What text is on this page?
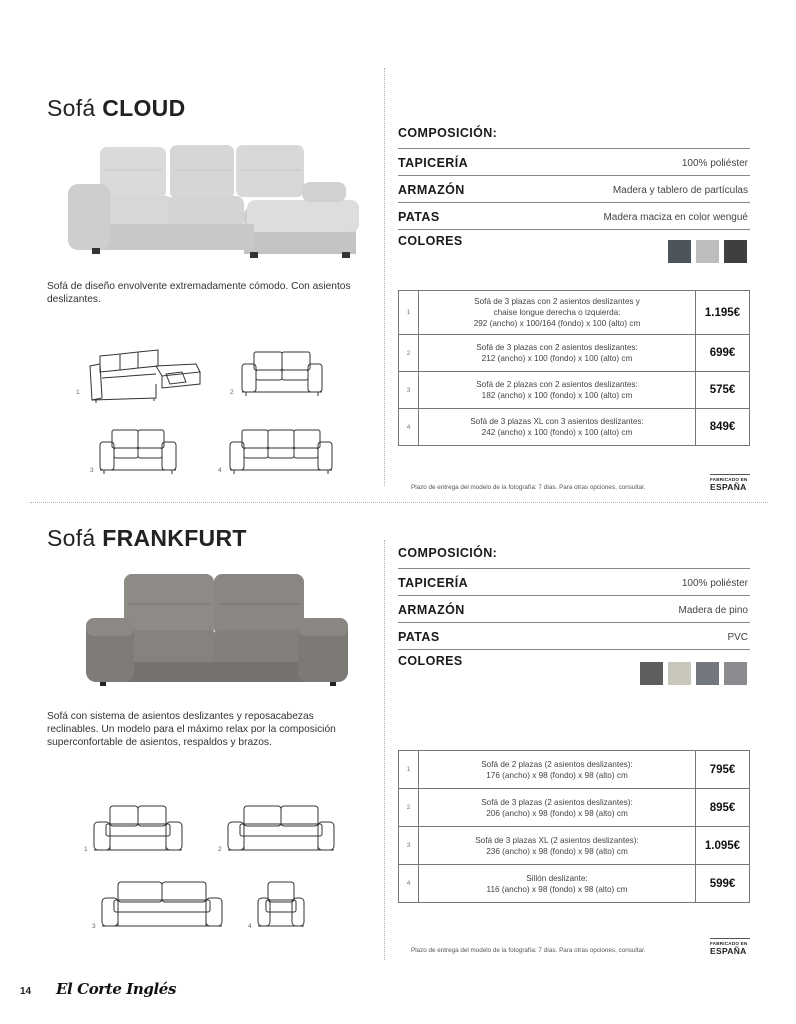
Sofá CLOUD
Sofá de diseño envolvente extremadamente cómodo. Con asientos deslizantes.
1	2
3	4
COMPOSICIÓN:
TAPICERÍA	100% poliéster
ARMAZÓN	Madera y tablero de partículas
PATAS	Madera maciza en color wengué
COLORES
1	Sofá de 3 plazas con 2 asientos deslizantes y
chaise longue derecha o izquierda:
292 (ancho) x 100/164 (fondo) x 100 (alto) cm	1.195€
2	Sofá de 3 plazas con 2 asientos deslizantes:
212 (ancho) x 100 (fondo) x 100 (alto) cm	699€
3	Sofá de 2 plazas con 2 asientos deslizantes:
182 (ancho) x 100 (fondo) x 100 (alto) cm	575€
4	Sofá de 3 plazas XL con 3 asientos deslizantes:
242 (ancho) x 100 (fondo) x 100 (alto) cm	849€
Plazo de entrega del modelo de la fotografía: 7 días. Para otras opciones, consultar.
FABRICADO EN
ESPAÑA
Sofá FRANKFURT
Sofá con sistema de asientos deslizantes y reposacabezas reclinables. Un modelo para el máximo relax por la composición superconfortable de asientos, respaldos y brazos.
1	2
3	4
COMPOSICIÓN:
TAPICERÍA	100% poliéster
ARMAZÓN	Madera de pino
PATAS	PVC
COLORES
1	Sofá de 2 plazas (2 asientos deslizantes):
176 (ancho) x 98 (fondo) x 98 (alto) cm	795€
2	Sofá de 3 plazas (2 asientos deslizantes):
206 (ancho) x 98 (fondo) x 98 (alto) cm	895€
3	Sofá de 3 plazas XL (2 asientos deslizantes):
236 (ancho) x 98 (fondo) x 98 (alto) cm	1.095€
4	Sillón deslizante:
116 (ancho) x 98 (fondo) x 98 (alto) cm	599€
Plazo de entrega del modelo de la fotografía: 7 días. Para otras opciones, consultar.
FABRICADO EN
ESPAÑA
14 El Corte Inglés
